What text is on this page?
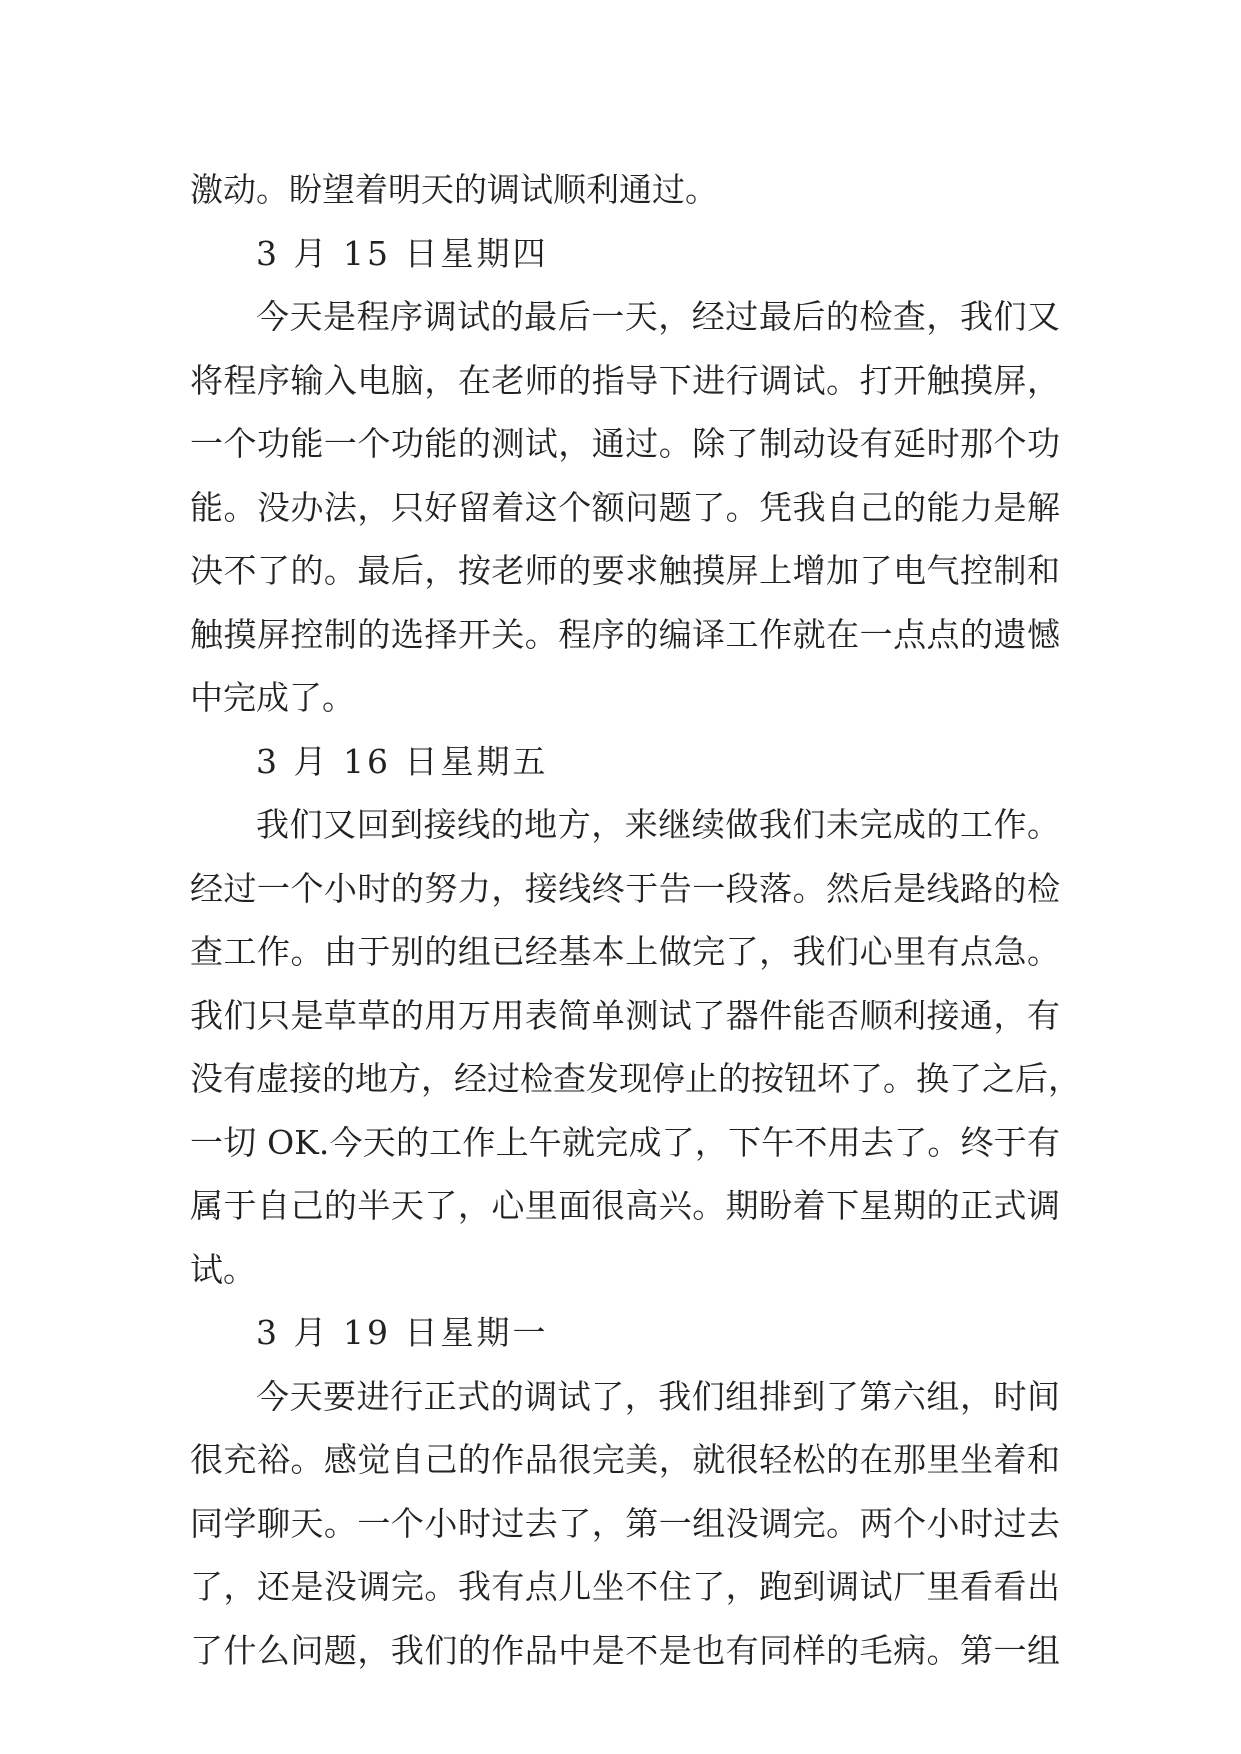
激动。盼望着明天的调试顺利通过。
3 月 15 日星期四
今天是程序调试的最后一天，经过最后的检查，我们又
将程序输入电脑，在老师的指导下进行调试。打开触摸屏，
一个功能一个功能的测试，通过。除了制动设有延时那个功
能。没办法，只好留着这个额问题了。凭我自己的能力是解
决不了的。最后，按老师的要求触摸屏上增加了电气控制和
触摸屏控制的选择开关。程序的编译工作就在一点点的遗憾
中完成了。
3 月 16 日星期五
我们又回到接线的地方，来继续做我们未完成的工作。
经过一个小时的努力，接线终于告一段落。然后是线路的检
查工作。由于别的组已经基本上做完了，我们心里有点急。
我们只是草草的用万用表简单测试了器件能否顺利接通，有
没有虚接的地方，经过检查发现停止的按钮坏了。换了之后，
一切 OK.今天的工作上午就完成了，下午不用去了。终于有
属于自己的半天了，心里面很高兴。期盼着下星期的正式调
试。
3 月 19 日星期一
今天要进行正式的调试了，我们组排到了第六组，时间
很充裕。感觉自己的作品很完美，就很轻松的在那里坐着和
同学聊天。一个小时过去了，第一组没调完。两个小时过去
了，还是没调完。我有点儿坐不住了，跑到调试厂里看看出
了什么问题，我们的作品中是不是也有同样的毛病。第一组
